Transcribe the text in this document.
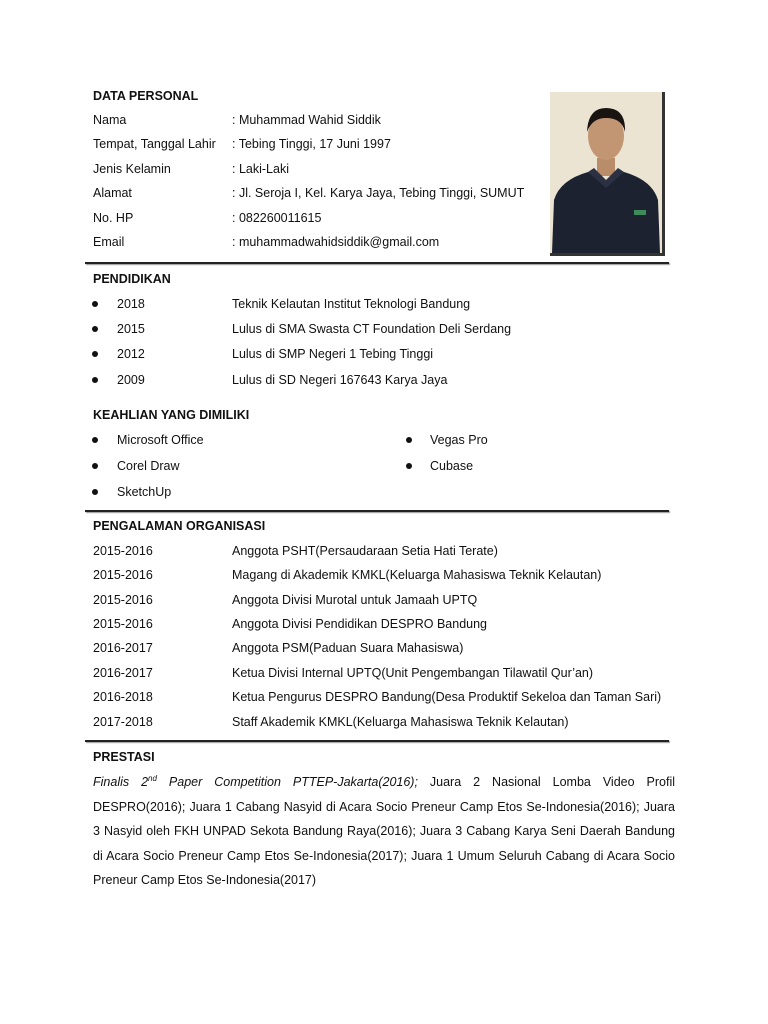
DATA PERSONAL
Nama	: Muhammad Wahid Siddik
Tempat, Tanggal Lahir : Tebing Tinggi, 17 Juni 1997
Jenis Kelamin	: Laki-Laki
Alamat	: Jl. Seroja I, Kel. Karya Jaya, Tebing Tinggi, SUMUT
No. HP	: 082260011615
Email	: muhammadwahidsiddik@gmail.com
PENDIDIKAN
2018	Teknik Kelautan Institut Teknologi Bandung
2015	Lulus di SMA Swasta CT Foundation Deli Serdang
2012	Lulus di SMP Negeri 1 Tebing Tinggi
2009	Lulus di SD Negeri 167643 Karya Jaya
KEAHLIAN YANG DIMILIKI
Microsoft Office	Vegas Pro
Corel Draw	Cubase
SketchUp
PENGALAMAN ORGANISASI
2015-2016	Anggota PSHT(Persaudaraan Setia Hati Terate)
2015-2016	Magang di Akademik KMKL(Keluarga Mahasiswa Teknik Kelautan)
2015-2016	Anggota Divisi Murotal untuk Jamaah UPTQ
2015-2016	Anggota Divisi Pendidikan DESPRO Bandung
2016-2017	Anggota PSM(Paduan Suara Mahasiswa)
2016-2017	Ketua Divisi Internal UPTQ(Unit Pengembangan Tilawatil Qur’an)
2016-2018	Ketua Pengurus DESPRO Bandung(Desa Produktif Sekeloa dan Taman Sari)
2017-2018	Staff Akademik KMKL(Keluarga Mahasiswa Teknik Kelautan)
PRESTASI
Finalis 2nd Paper Competition PTTEP-Jakarta(2016); Juara 2 Nasional Lomba Video Profil DESPRO(2016); Juara 1 Cabang Nasyid di Acara Socio Preneur Camp Etos Se-Indonesia(2016); Juara 3 Nasyid oleh FKH UNPAD Sekota Bandung Raya(2016); Juara 3 Cabang Karya Seni Daerah Bandung di Acara Socio Preneur Camp Etos Se-Indonesia(2017); Juara 1 Umum Seluruh Cabang di Acara Socio Preneur Camp Etos Se-Indonesia(2017)
